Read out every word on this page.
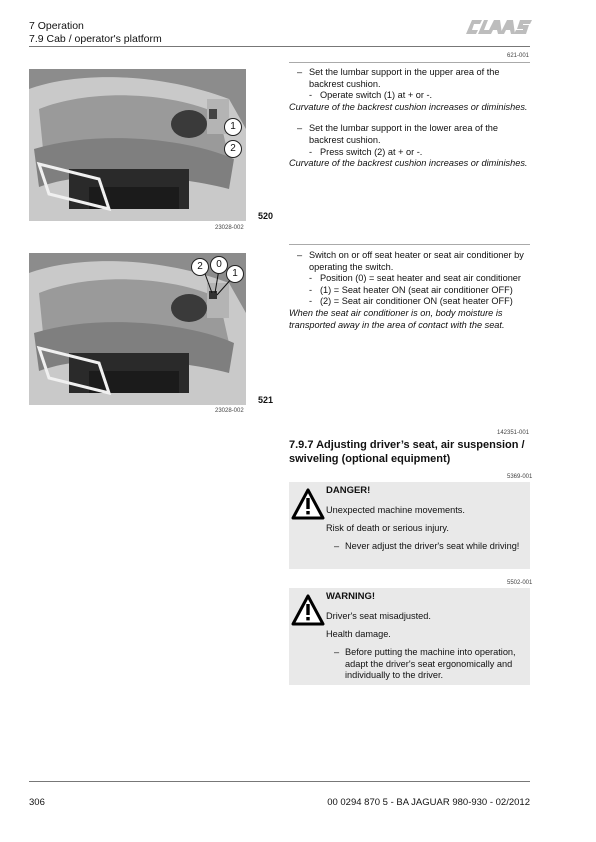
7 Operation
7.9 Cab / operator's platform
621-001
1
2
520
23028-002
– Set the lumbar support in the upper area of the backrest cushion.
- Operate switch (1) at + or -.
Curvature of the backrest cushion increases or diminishes.
– Set the lumbar support in the lower area of the backrest cushion.
- Press switch (2) at + or -.
Curvature of the backrest cushion increases or diminishes.
2	0
1
521
23028-002
– Switch on or off seat heater or seat air conditioner by operating the switch.
- Position (0) = seat heater and seat air conditioner
- (1) = Seat heater ON (seat air conditioner OFF)
- (2) = Seat air conditioner ON (seat heater OFF)
When the seat air conditioner is on, body moisture is transported away in the area of contact with the seat.
142351-001
7.9.7 Adjusting driver’s seat, air suspension /
swiveling (optional equipment)
5369-001
DANGER!
Unexpected machine movements.
Risk of death or serious injury.
– Never adjust the driver's seat while driving!
5502-001
WARNING!
Driver's seat misadjusted.
Health damage.
– Before putting the machine into operation, adapt the driver's seat ergonomically and individually to the driver.
306	00 0294 870 5 - BA JAGUAR 980-930 - 02/2012
